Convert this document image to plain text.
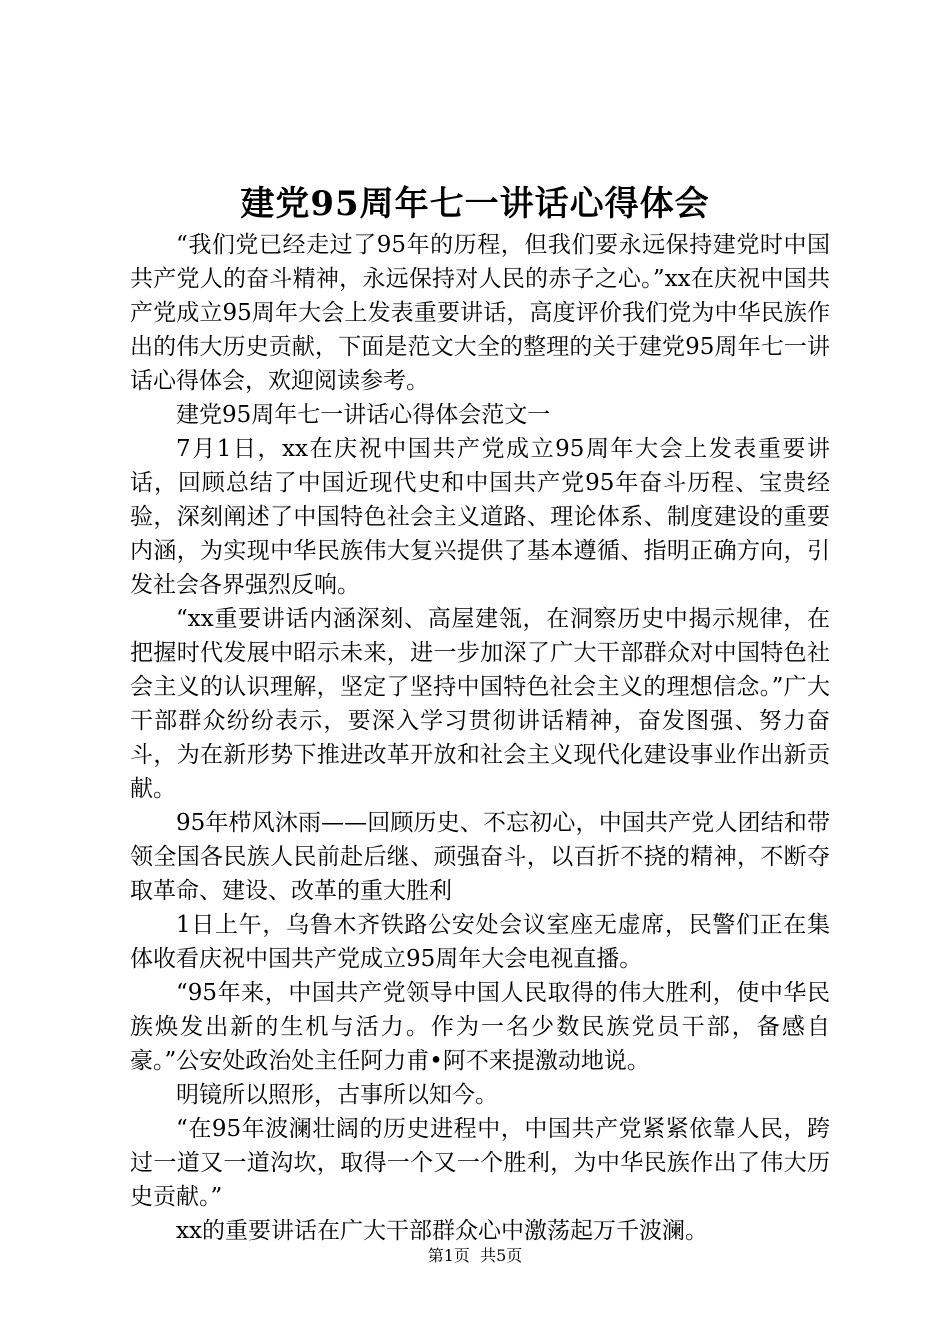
建党95周年七一讲话心得体会

“我们党已经走过了95年的历程，但我们要永远保持建党时中国共产党人的奋斗精神，永远保持对人民的赤子之心。”xx在庆祝中国共产党成立95周年大会上发表重要讲话，高度评价我们党为中华民族作出的伟大历史贡献，下面是范文大全的整理的关于建党95周年七一讲话心得体会，欢迎阅读参考。

建党95周年七一讲话心得体会范文一

7月1日，xx在庆祝中国共产党成立95周年大会上发表重要讲话，回顾总结了中国近现代史和中国共产党95年奋斗历程、宝贵经验，深刻阐述了中国特色社会主义道路、理论体系、制度建设的重要内涵，为实现中华民族伟大复兴提供了基本遵循、指明正确方向，引发社会各界强烈反响。

“xx重要讲话内涵深刻、高屋建瓴，在洞察历史中揭示规律，在把握时代发展中昭示未来，进一步加深了广大干部群众对中国特色社会主义的认识理解，坚定了坚持中国特色社会主义的理想信念。”广大干部群众纷纷表示，要深入学习贯彻讲话精神，奋发图强、努力奋斗，为在新形势下推进改革开放和社会主义现代化建设事业作出新贡献。

95年栉风沐雨——回顾历史、不忘初心，中国共产党人团结和带领全国各民族人民前赴后继、顽强奋斗，以百折不挠的精神，不断夺取革命、建设、改革的重大胜利

1日上午，乌鲁木齐铁路公安处会议室座无虚席，民警们正在集体收看庆祝中国共产党成立95周年大会电视直播。

“95年来，中国共产党领导中国人民取得的伟大胜利，使中华民族焕发出新的生机与活力。作为一名少数民族党员干部，备感自豪。”公安处政治处主任阿力甫•阿不来提激动地说。

明镜所以照形，古事所以知今。

“在95年波澜壮阔的历史进程中，中国共产党紧紧依靠人民，跨过一道又一道沟坎，取得一个又一个胜利，为中华民族作出了伟大历史贡献。”

xx的重要讲话在广大干部群众心中激荡起万千波澜。

第1页 共5页
